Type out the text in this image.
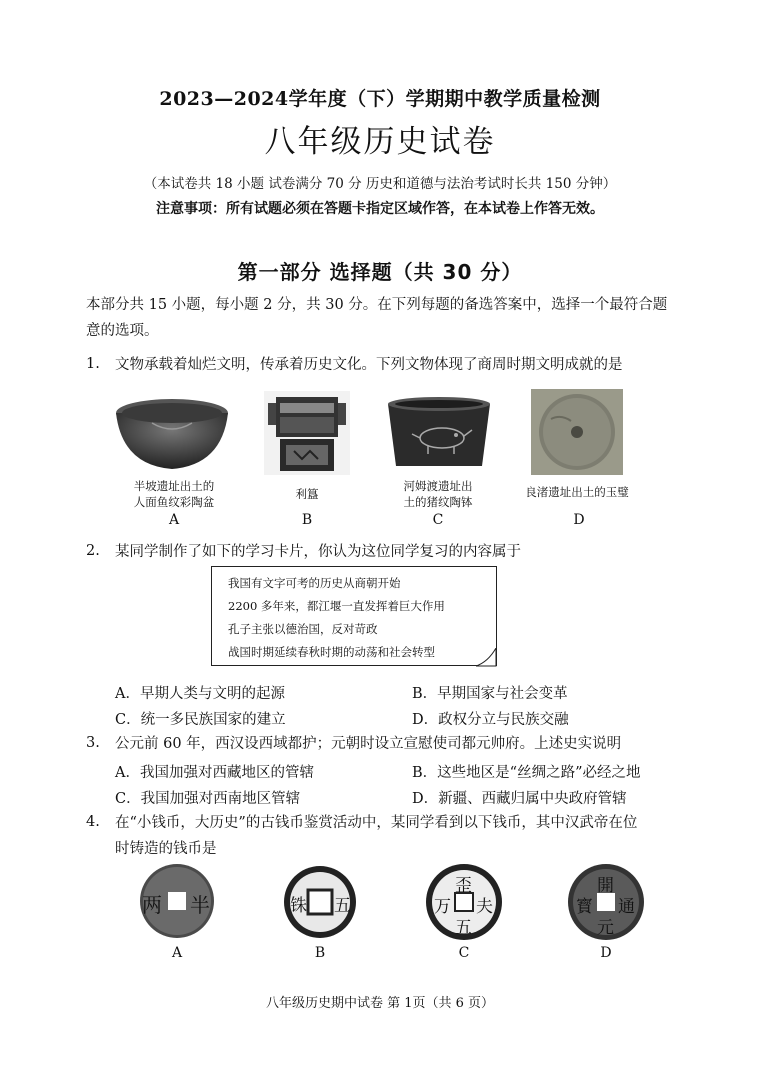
2023—2024学年度（下）学期期中教学质量检测
八年级历史试卷
（本试卷共 18 小题 试卷满分 70 分 历史和道德与法治考试时长共 150 分钟）
注意事项：所有试题必须在答题卡指定区域作答，在本试卷上作答无效。
第一部分 选择题（共 30 分）
本部分共 15 小题，每小题 2 分，共 30 分。在下列每题的备选答案中，选择一个最符合题
意的选项。
1. 文物承载着灿烂文明，传承着历史文化。下列文物体现了商周时期文明成就的是
半坡遗址出土的
人面鱼纹彩陶盆
利簋
河姆渡遗址出
土的猪纹陶钵
良渚遗址出土的玉璧
A	B	C	D
2. 某同学制作了如下的学习卡片，你认为这位同学复习的内容属于
我国有文字可考的历史从商朝开始
2200 多年来，都江堰一直发挥着巨大作用
孔子主张以德治国，反对苛政
战国时期延续春秋时期的动荡和社会转型
A．早期人类与文明的起源	B．早期国家与社会变革
C．统一多民族国家的建立	D．政权分立与民族交融
3. 公元前 60 年，西汉设西域都护；元朝时设立宣慰使司都元帅府。上述史实说明
A．我国加强对西藏地区的管辖	B．这些地区是“丝绸之路”必经之地
C．我国加强对西南地区管辖	D．新疆、西藏归属中央政府管辖
4. 在“小钱币，大历史”的古钱币鉴赏活动中，某同学看到以下钱币，其中汉武帝在位
时铸造的钱币是
两 半	铢 五
歪
万 夫
五
開
寳 通
元
A	B	C	D
八年级历史期中试卷 第 1页（共 6 页）
